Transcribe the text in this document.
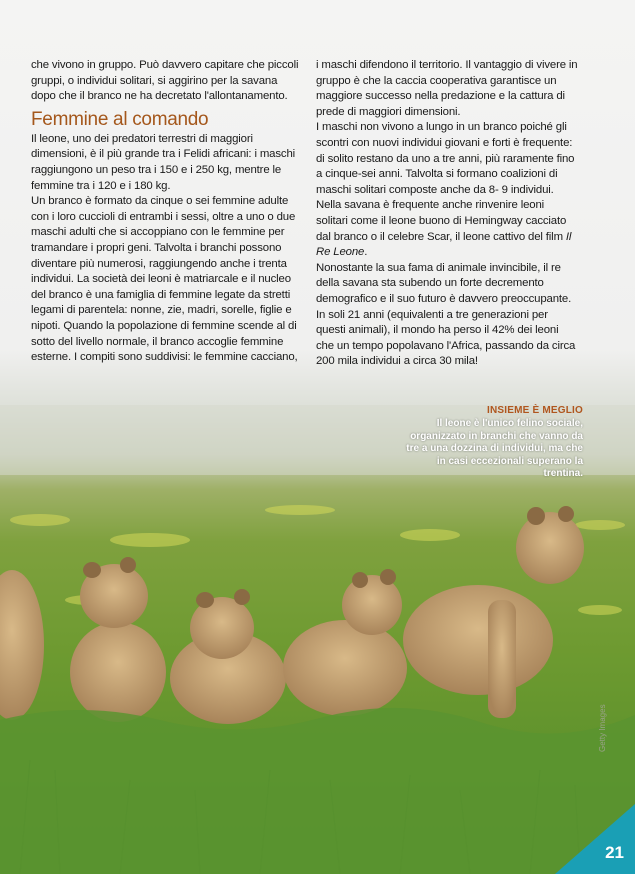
che vivono in gruppo. Può davvero capitare che piccoli gruppi, o individui solitari, si aggirino per la savana dopo che il branco ne ha decretato l'allontanamento.

Femmine al comando

Il leone, uno dei predatori terrestri di maggiori dimensioni, è il più grande tra i Felidi africani: i maschi raggiungono un peso tra i 150 e i 250 kg, mentre le femmine tra i 120 e i 180 kg.

Un branco è formato da cinque o sei femmine adulte con i loro cuccioli di entrambi i sessi, oltre a uno o due maschi adulti che si accoppiano con le femmine per tramandare i propri geni. Talvolta i branchi possono diventare più numerosi, raggiungendo anche i trenta individui. La società dei leoni è matriarcale e il nucleo del branco è una famiglia di femmine legate da stretti legami di parentela: nonne, zie, madri, sorelle, figlie e nipoti. Quando la popolazione di femmine scende al di sotto del livello normale, il branco accoglie femmine esterne. I compiti sono suddivisi: le femmine cacciano,

i maschi difendono il territorio. Il vantaggio di vivere in gruppo è che la caccia cooperativa garantisce un maggiore successo nella predazione e la cattura di prede di maggiori dimensioni.

I maschi non vivono a lungo in un branco poiché gli scontri con nuovi individui giovani e forti è frequente: di solito restano da uno a tre anni, più raramente fino a cinque-sei anni. Talvolta si formano coalizioni di maschi solitari composte anche da 8- 9 individui.

Nella savana è frequente anche rinvenire leoni solitari come il leone buono di Hemingway cacciato dal branco o il celebre Scar, il leone cattivo del film Il Re Leone.

Nonostante la sua fama di animale invincibile, il re della savana sta subendo un forte decremento demografico e il suo futuro è davvero preoccupante.

In soli 21 anni (equivalenti a tre generazioni per questi animali), il mondo ha perso il 42% dei leoni che un tempo popolavano l'Africa, passando da circa 200 mila individui a circa 30 mila!

INSIEME È MEGLIO

Il leone è l'unico felino sociale, organizzato in branchi che vanno da tre a una dozzina di individui, ma che in casi eccezionali superano la trentina.

Getty Images
21
